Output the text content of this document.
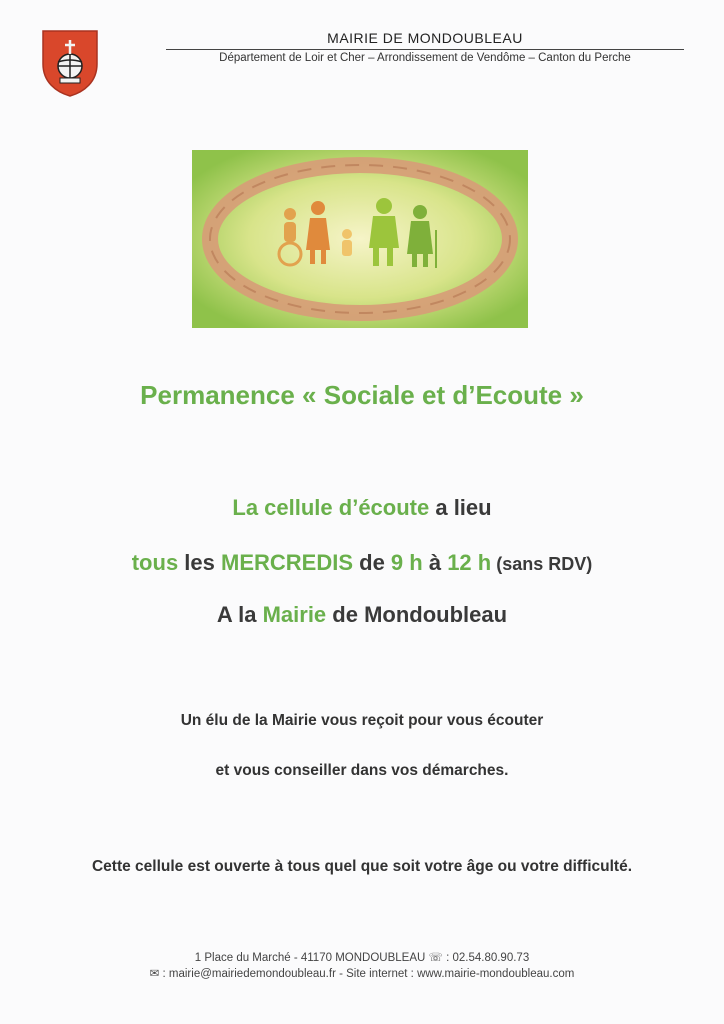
MAIRIE DE MONDOUBLEAU
Département de Loir et Cher – Arrondissement de Vendôme – Canton du Perche
Permanence « Sociale et d’Ecoute »
La cellule d’écoute a lieu
tous les MERCREDIS de 9 h à 12 h (sans RDV)
A la Mairie de Mondoubleau
Un élu de la Mairie vous reçoit pour vous écouter
et vous conseiller dans vos démarches.
Cette cellule est ouverte à tous quel que soit votre âge ou votre difficulté.
1 Place du Marché - 41170 MONDOUBLEAU ☏ : 02.54.80.90.73
✉ : mairie@mairiedemondoubleau.fr - Site internet : www.mairie-mondoubleau.com
